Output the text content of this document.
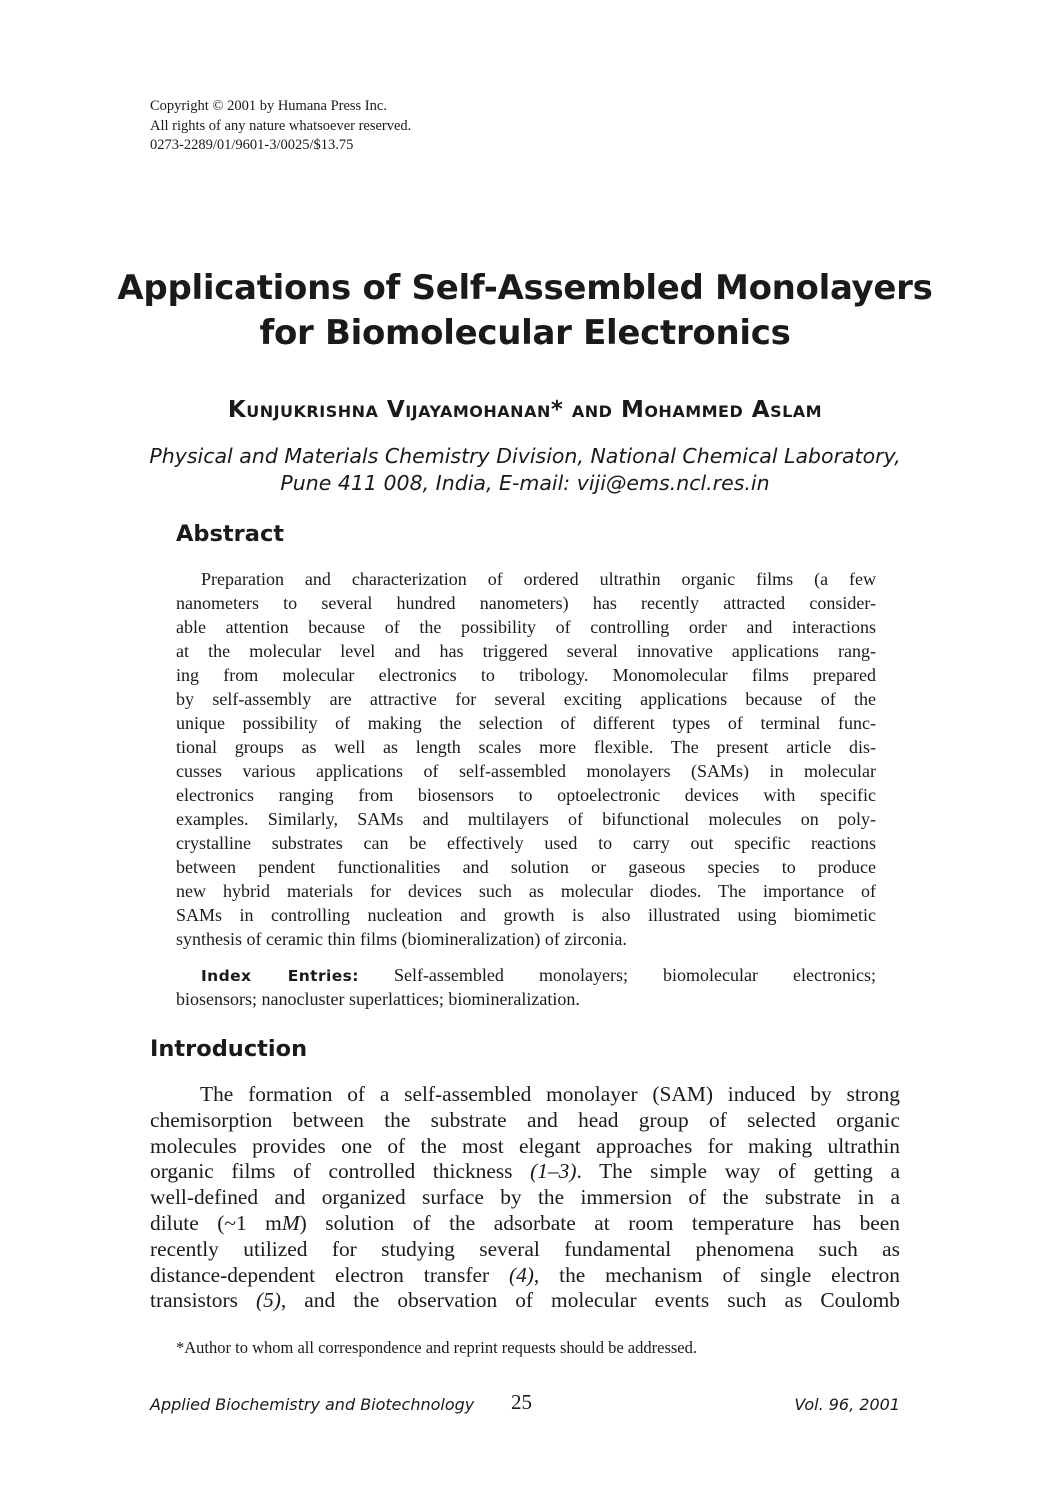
Copyright © 2001 by Humana Press Inc.
All rights of any nature whatsoever reserved.
0273-2289/01/9601-3/0025/$13.75
Applications of Self-Assembled Monolayers
for Biomolecular Electronics
Kunjukrishna Vijayamohanan* and Mohammed Aslam
Physical and Materials Chemistry Division, National Chemical Laboratory,
Pune 411 008, India, E-mail: viji@ems.ncl.res.in
Abstract
Preparation and characterization of ordered ultrathin organic films (a few
nanometers to several hundred nanometers) has recently attracted consider-
able attention because of the possibility of controlling order and interactions
at the molecular level and has triggered several innovative applications rang-
ing from molecular electronics to tribology. Monomolecular films prepared
by self-assembly are attractive for several exciting applications because of the
unique possibility of making the selection of different types of terminal func-
tional groups as well as length scales more flexible. The present article dis-
cusses various applications of self-assembled monolayers (SAMs) in molecular
electronics ranging from biosensors to optoelectronic devices with specific
examples. Similarly, SAMs and multilayers of bifunctional molecules on poly-
crystalline substrates can be effectively used to carry out specific reactions
between pendent functionalities and solution or gaseous species to produce
new hybrid materials for devices such as molecular diodes. The importance of
SAMs in controlling nucleation and growth is also illustrated using biomimetic
synthesis of ceramic thin films (biomineralization) of zirconia.
Index Entries: Self-assembled monolayers; biomolecular electronics;
biosensors; nanocluster superlattices; biomineralization.
Introduction
The formation of a self-assembled monolayer (SAM) induced by strong
chemisorption between the substrate and head group of selected organic
molecules provides one of the most elegant approaches for making ultrathin
organic films of controlled thickness (1–3). The simple way of getting a
well-defined and organized surface by the immersion of the substrate in a
dilute (~1 mM) solution of the adsorbate at room temperature has been
recently utilized for studying several fundamental phenomena such as
distance-dependent electron transfer (4), the mechanism of single electron
transistors (5), and the observation of molecular events such as Coulomb
*Author to whom all correspondence and reprint requests should be addressed.
Applied Biochemistry and Biotechnology 25	Vol. 96, 2001
